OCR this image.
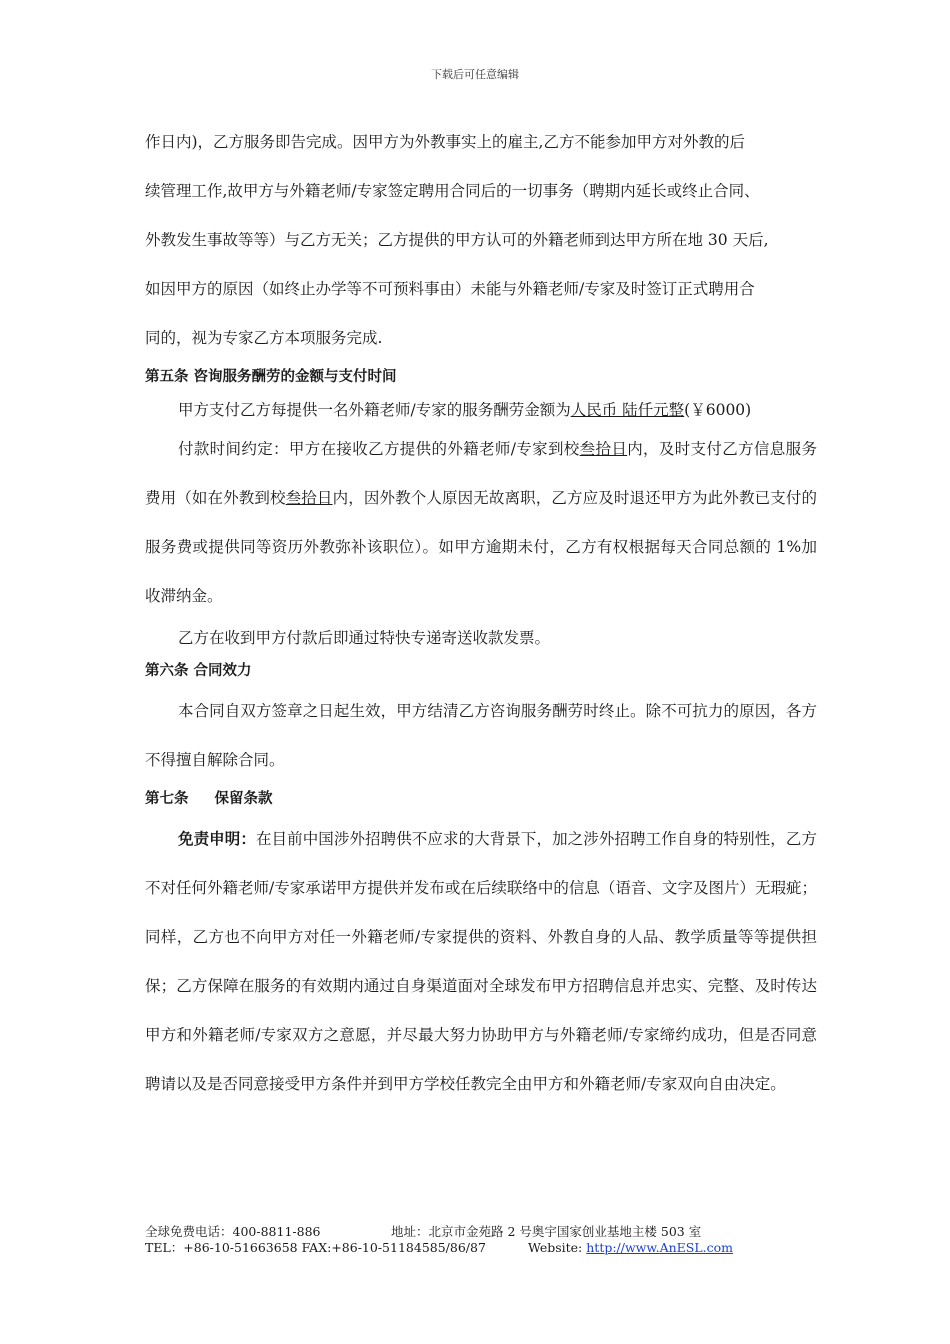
下载后可任意编辑

作日内)，乙方服务即告完成。因甲方为外教事实上的雇主,乙方不能参加甲方对外教的后
续管理工作,故甲方与外籍老师/专家签定聘用合同后的一切事务（聘期内延长或终止合同、
外教发生事故等等）与乙方无关；乙方提供的甲方认可的外籍老师到达甲方所在地 30 天后,
如因甲方的原因（如终止办学等不可预料事由）未能与外籍老师/专家及时签订正式聘用合
同的，视为专家乙方本项服务完成.

第五条 咨询服务酬劳的金额与支付时间

甲方支付乙方每提供一名外籍老师/专家的服务酬劳金额为人民币 陆仟元整(￥6000)

付款时间约定：甲方在接收乙方提供的外籍老师/专家到校叁拾日内，及时支付乙方信息服务费用（如在外教到校叁拾日内，因外教个人原因无故离职，乙方应及时退还甲方为此外教已支付的服务费或提供同等资历外教弥补该职位）。如甲方逾期未付，乙方有权根据每天合同总额的 1%加收滞纳金。

乙方在收到甲方付款后即通过特快专递寄送收款发票。

第六条 合同效力

本合同自双方签章之日起生效，甲方结清乙方咨询服务酬劳时终止。除不可抗力的原因，各方不得擅自解除合同。

第七条 保留条款

免责申明：在目前中国涉外招聘供不应求的大背景下，加之涉外招聘工作自身的特别性，乙方不对任何外籍老师/专家承诺甲方提供并发布或在后续联络中的信息（语音、文字及图片）无瑕疵；同样，乙方也不向甲方对任一外籍老师/专家提供的资料、外教自身的人品、教学质量等等提供担保；乙方保障在服务的有效期内通过自身渠道面对全球发布甲方招聘信息并忠实、完整、及时传达甲方和外籍老师/专家双方之意愿，并尽最大努力协助甲方与外籍老师/专家缔约成功，但是否同意聘请以及是否同意接受甲方条件并到甲方学校任教完全由甲方和外籍老师/专家双向自由决定。

全球免费电话：400-8811-886	地址：北京市金苑路 2 号奥宇国家创业基地主楼 503 室
TEL：+86-10-51663658 FAX:+86-10-51184585/86/87	Website: http://www.AnESL.com
